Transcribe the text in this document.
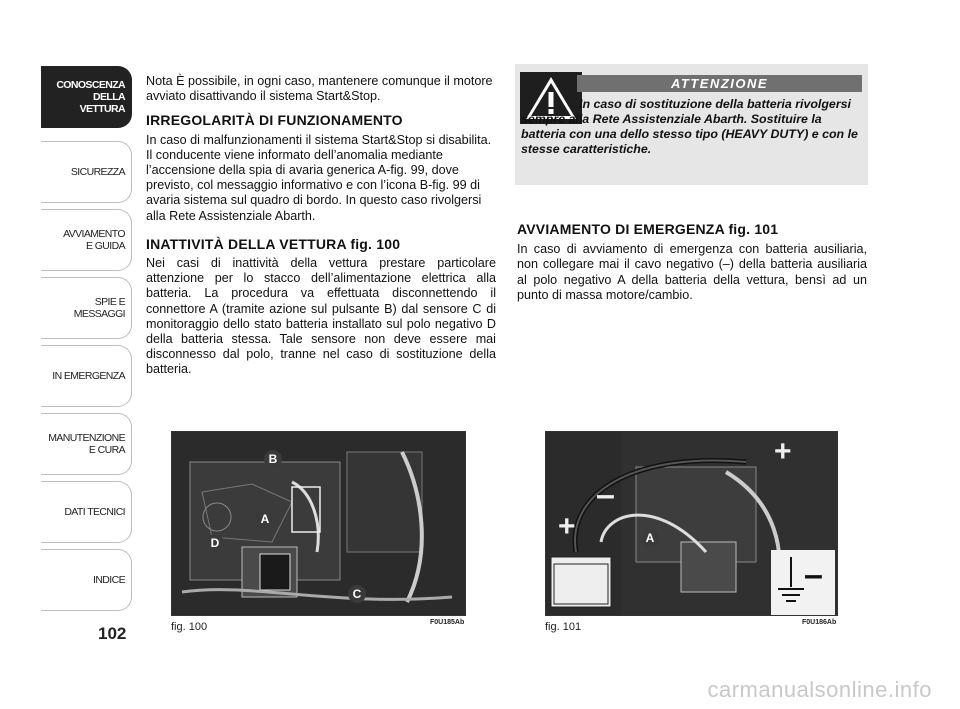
CONOSCENZA
DELLA
VETTURA
SICUREZZA
AVVIAMENTO
E GUIDA
SPIE E
MESSAGGI
IN EMERGENZA
MANUTENZIONE
E CURA
DATI TECNICI
INDICE
102

Nota È possibile, in ogni caso, mantenere comunque il motore avviato disattivando il sistema Start&Stop.

IRREGOLARITÀ DI FUNZIONAMENTO

In caso di malfunzionamenti il sistema Start&Stop si disabilita. Il conducente viene informato dell’anomalia mediante l’accensione della spia di avaria generica A-fig. 99, dove previsto, col messaggio informativo e con l’icona B-fig. 99 di avaria sistema sul quadro di bordo. In questo caso rivolgersi alla Rete Assistenziale Abarth.

INATTIVITÀ DELLA VETTURA fig. 100

Nei casi di inattività della vettura prestare particolare attenzione per lo stacco dell’alimentazione elettrica alla batteria. La procedura va effettuata disconnettendo il connettore A (tramite azione sul pulsante B) dal sensore C di monitoraggio dello stato batteria installato sul polo negativo D della batteria stessa. Tale sensore non deve essere mai disconnesso dal polo, tranne nel caso di sostituzione della batteria.

ATTENZIONE
In caso di sostituzione della batteria rivolgersi sempre alla Rete Assistenziale Abarth. Sostituire la batteria con una dello stesso tipo (HEAVY DUTY) e con le stesse caratteristiche.

AVVIAMENTO DI EMERGENZA fig. 101

In caso di avviamento di emergenza con batteria ausiliaria, non collegare mai il cavo negativo (–) della batteria ausiliaria al polo negativo A della batteria della vettura, bensì ad un punto di massa motore/cambio.

B
A
D
C
fig. 100	F0U185Ab
A
+
–
+
–
fig. 101	F0U186Ab
carmanualsonline.info
